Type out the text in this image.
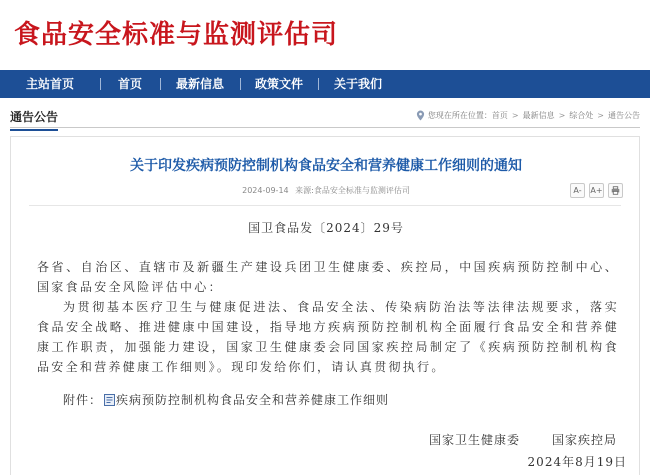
食品安全标准与监测评估司
主站首页	首页	最新信息	政策文件	关于我们
通告公告	您现在所在位置： 首页 > 最新信息 > 综合处 > 通告公告
关于印发疾病预防控制机构食品安全和营养健康工作细则的通知
2024-09-14 来源:食品安全标准与监测评估司	A-	A+
国卫食品发〔2024〕29号

各省、自治区、直辖市及新疆生产建设兵团卫生健康委、疾控局，中国疾病预防控制中心、国家食品安全风险评估中心：

为贯彻基本医疗卫生与健康促进法、食品安全法、传染病防治法等法律法规要求，落实食品安全战略、推进健康中国建设，指导地方疾病预防控制机构全面履行食品安全和营养健康工作职责，加强能力建设，国家卫生健康委会同国家疾控局制定了《疾病预防控制机构食品安全和营养健康工作细则》。现印发给你们，请认真贯彻执行。

附件： 疾病预防控制机构食品安全和营养健康工作细则
国家卫生健康委	国家疾控局
2024年8月19日
